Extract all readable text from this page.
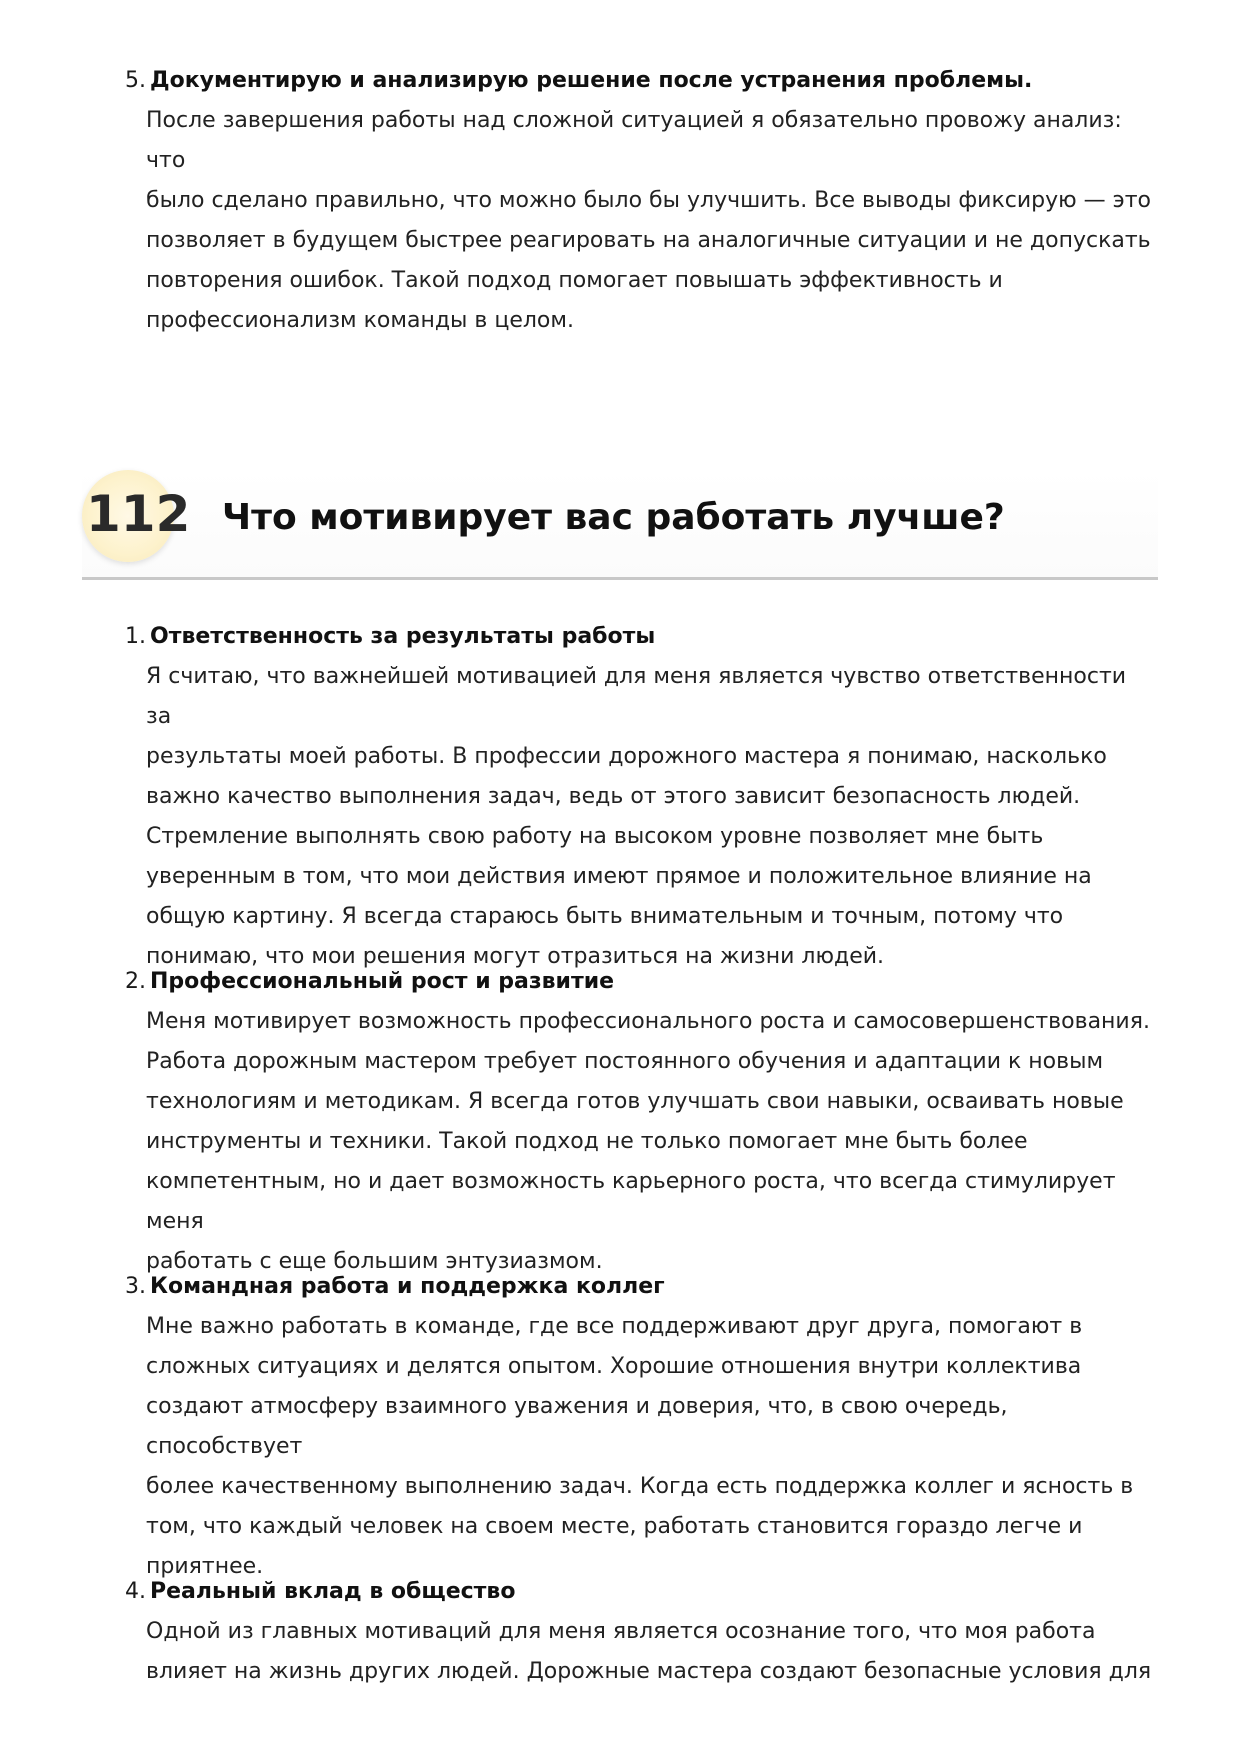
5. Документирую и анализирую решение после устранения проблемы.
После завершения работы над сложной ситуацией я обязательно провожу анализ: что
было сделано правильно, что можно было бы улучшить. Все выводы фиксирую — это
позволяет в будущем быстрее реагировать на аналогичные ситуации и не допускать
повторения ошибок. Такой подход помогает повышать эффективность и
профессионализм команды в целом.
112 Что мотивирует вас работать лучше?
1. Ответственность за результаты работы
Я считаю, что важнейшей мотивацией для меня является чувство ответственности за
результаты моей работы. В профессии дорожного мастера я понимаю, насколько
важно качество выполнения задач, ведь от этого зависит безопасность людей.
Стремление выполнять свою работу на высоком уровне позволяет мне быть
уверенным в том, что мои действия имеют прямое и положительное влияние на
общую картину. Я всегда стараюсь быть внимательным и точным, потому что
понимаю, что мои решения могут отразиться на жизни людей.
2. Профессиональный рост и развитие
Меня мотивирует возможность профессионального роста и самосовершенствования.
Работа дорожным мастером требует постоянного обучения и адаптации к новым
технологиям и методикам. Я всегда готов улучшать свои навыки, осваивать новые
инструменты и техники. Такой подход не только помогает мне быть более
компетентным, но и дает возможность карьерного роста, что всегда стимулирует меня
работать с еще большим энтузиазмом.
3. Командная работа и поддержка коллег
Мне важно работать в команде, где все поддерживают друг друга, помогают в
сложных ситуациях и делятся опытом. Хорошие отношения внутри коллектива
создают атмосферу взаимного уважения и доверия, что, в свою очередь, способствует
более качественному выполнению задач. Когда есть поддержка коллег и ясность в
том, что каждый человек на своем месте, работать становится гораздо легче и
приятнее.
4. Реальный вклад в общество
Одной из главных мотиваций для меня является осознание того, что моя работа
влияет на жизнь других людей. Дорожные мастера создают безопасные условия для
